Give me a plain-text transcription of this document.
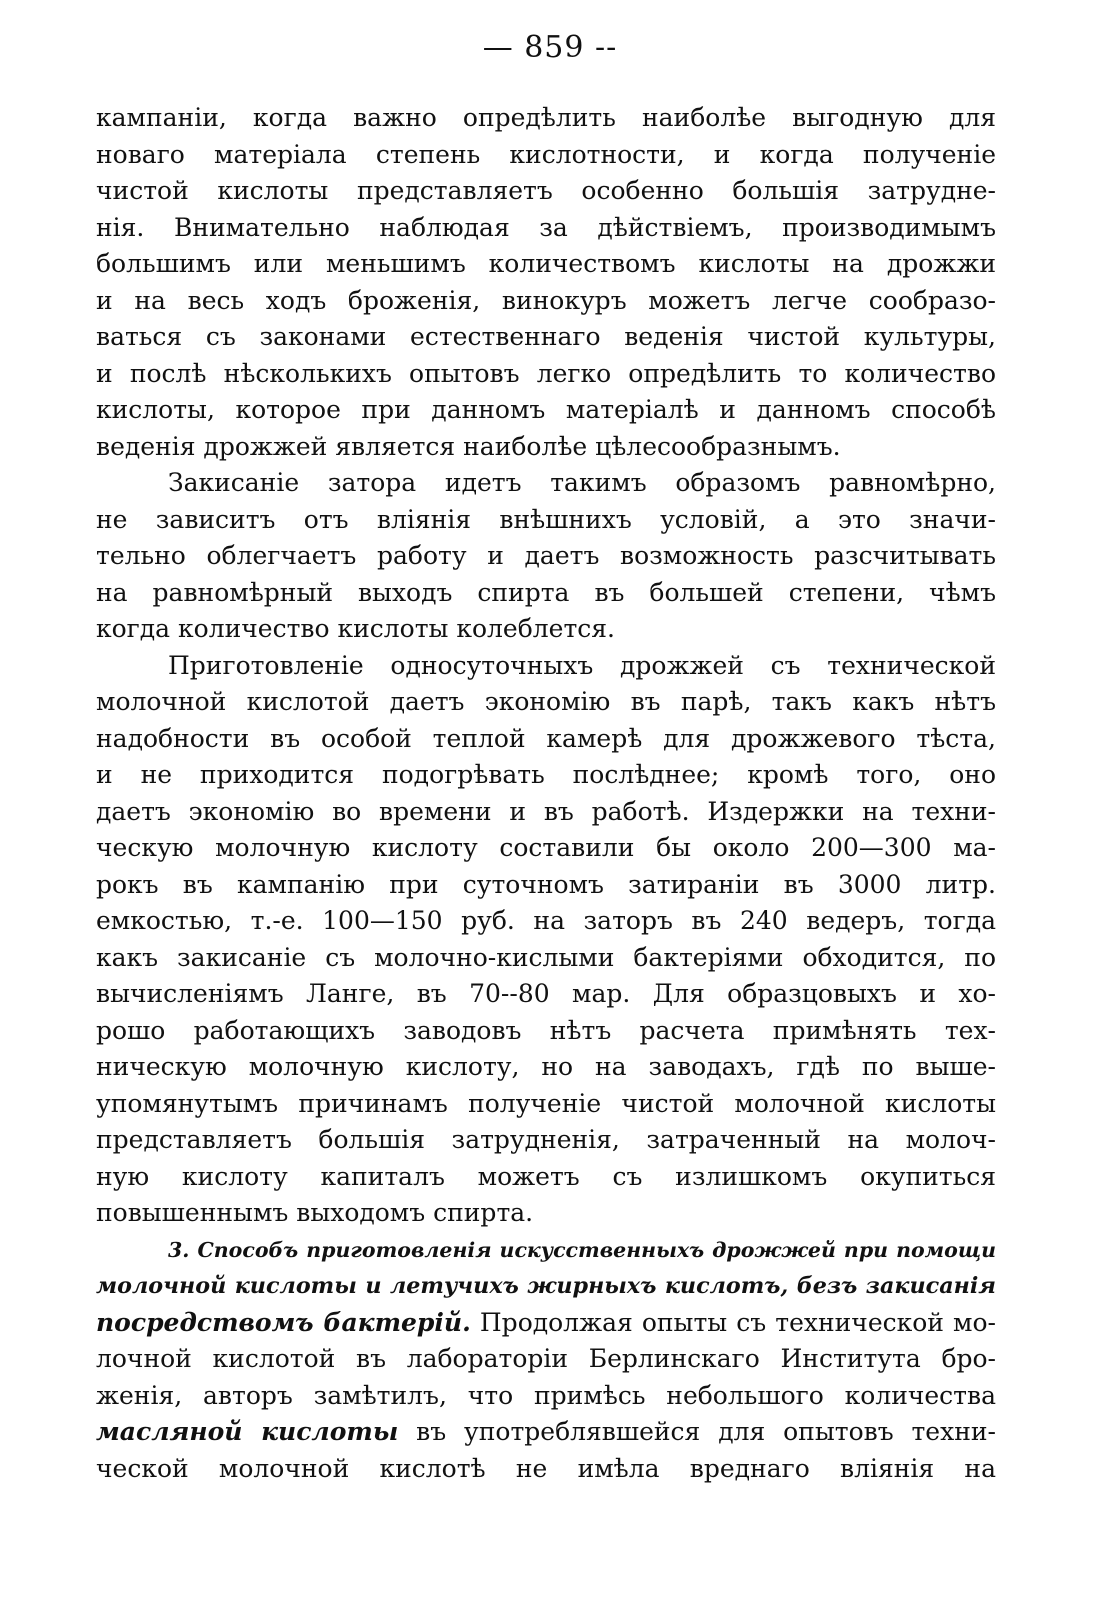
— 859 --
кампанiи, когда важно опредѣлить наиболѣе выгодную для
новаго матерiала степень кислотности, и когда полученiе
чистой кислоты представляетъ особенно большiя затрудне-
нiя. Внимательно наблюдая за дѣйствiемъ, производимымъ
большимъ или меньшимъ количествомъ кислоты на дрожжи
и на весь ходъ броженiя, винокуръ можетъ легче сообразо-
ваться съ законами естественнаго веденiя чистой культуры,
и послѣ нѣсколькихъ опытовъ легко опредѣлить то количество
кислоты, которое при данномъ матерiалѣ и данномъ способѣ
веденiя дрожжей является наиболѣе цѣлесообразнымъ.
Закисанiе затора идетъ такимъ образомъ равномѣрно,
не зависитъ отъ влiянiя внѣшнихъ условiй, а это значи-
тельно облегчаетъ работу и даетъ возможность разсчитывать
на равномѣрный выходъ спирта въ большей степени, чѣмъ
когда количество кислоты колеблется.
Приготовленiе односуточныхъ дрожжей съ технической
молочной кислотой даетъ экономiю въ парѣ, такъ какъ нѣтъ
надобности въ особой теплой камерѣ для дрожжевого тѣста,
и не приходится подогрѣвать послѣднее; кромѣ того, оно
даетъ экономiю во времени и въ работѣ. Издержки на техни-
ческую молочную кислоту составили бы около 200—300 ма-
рокъ въ кампанiю при суточномъ затиранiи въ 3000 литр.
емкостью, т.-е. 100—150 руб. на заторъ въ 240 ведеръ, тогда
какъ закисанiе съ молочно-кислыми бактерiями обходится, по
вычисленiямъ Ланге, въ 70--80 мар. Для образцовыхъ и хо-
рошо работающихъ заводовъ нѣтъ расчета примѣнять тех-
ническую молочную кислоту, но на заводахъ, гдѣ по выше-
упомянутымъ причинамъ полученiе чистой молочной кислоты
представляетъ большiя затрудненiя, затраченный на молоч-
ную кислоту капиталъ можетъ съ излишкомъ окупиться
повышеннымъ выходомъ спирта.
3. Способъ приготовленiя искусственныхъ дрожжей при помощи
молочной кислоты и летучихъ жирныхъ кислотъ, безъ закисанiя
посредствомъ бактерiй. Продолжая опыты съ технической мо-
лочной кислотой въ лабораторiи Берлинскаго Института бро-
женiя, авторъ замѣтилъ, что примѣсь небольшого количества
масляной кислоты въ употреблявшейся для опытовъ техни-
ческой молочной кислотѣ не имѣла вреднаго влiянiя на
